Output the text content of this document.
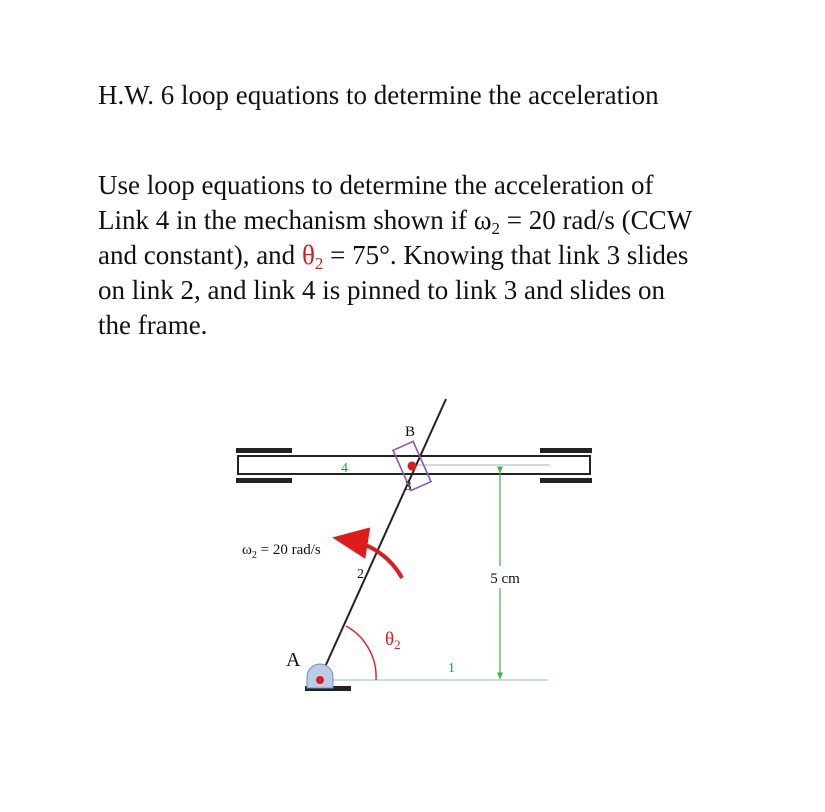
H.W. 6 loop equations to determine the acceleration
Use loop equations to determine the acceleration of
Link 4 in the mechanism shown if $\omega_2 = 20$ rad/s (CCW
and constant), and $\theta_2 = 75^\circ$. Knowing that link 3 slides
on link 2, and link 4 is pinned to link 3 and slides on
the frame.
5 cm
$\omega_2 = 20$ rad/s
A
B
4
3
2
1
$\theta_2$
